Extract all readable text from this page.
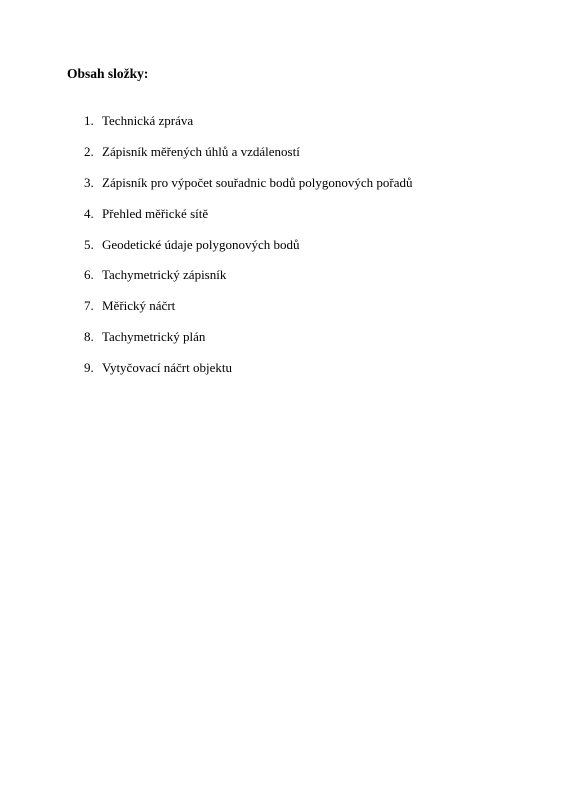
Obsah složky:
1. Technická zpráva
2. Zápisník měřených úhlů a vzdáleností
3. Zápisník pro výpočet souřadnic bodů polygonových pořadů
4. Přehled měřické sítě
5. Geodetické údaje polygonových bodů
6. Tachymetrický zápisník
7. Měřický náčrt
8. Tachymetrický plán
9. Vytyčovací náčrt objektu
